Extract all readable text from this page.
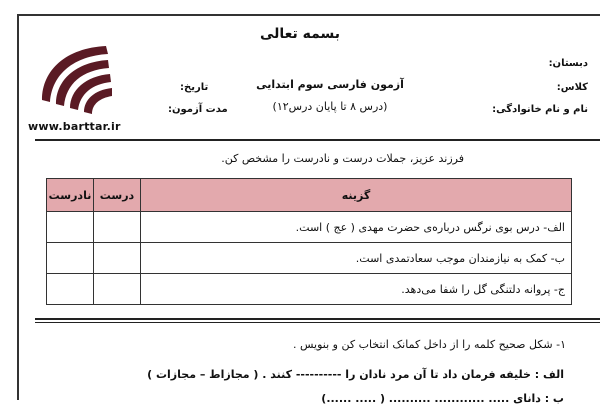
بسمه تعالی
دبستان:
کلاس:
نام و نام خانوادگی:
آزمون فارسی سوم ابتدایی
(درس ۸ تا پایان درس۱۲)
تاریخ:
مدت آزمون:
www.barttar.ir
فرزند عزیز، جملات درست و نادرست را مشخص کن.
گزینه	درست	نادرست
الف- درس بوی نرگس دربارە‌ی حضرت مهدی ( عج ) است.		
ب- کمک به نیازمندان موجب سعادتمدی است.		
ج- پروانه دلتنگی گل را شفا می‌دهد.		
۱- شکل صحیح کلمه را از داخل کمانک انتخاب کن و بنویس .
الف : خلیفه فرمان داد تا آن مرد نادان را ---------- کنند . ( مجازاط – مجازات )
ب : دانای ..... ............ .......... ( ..... ......)
